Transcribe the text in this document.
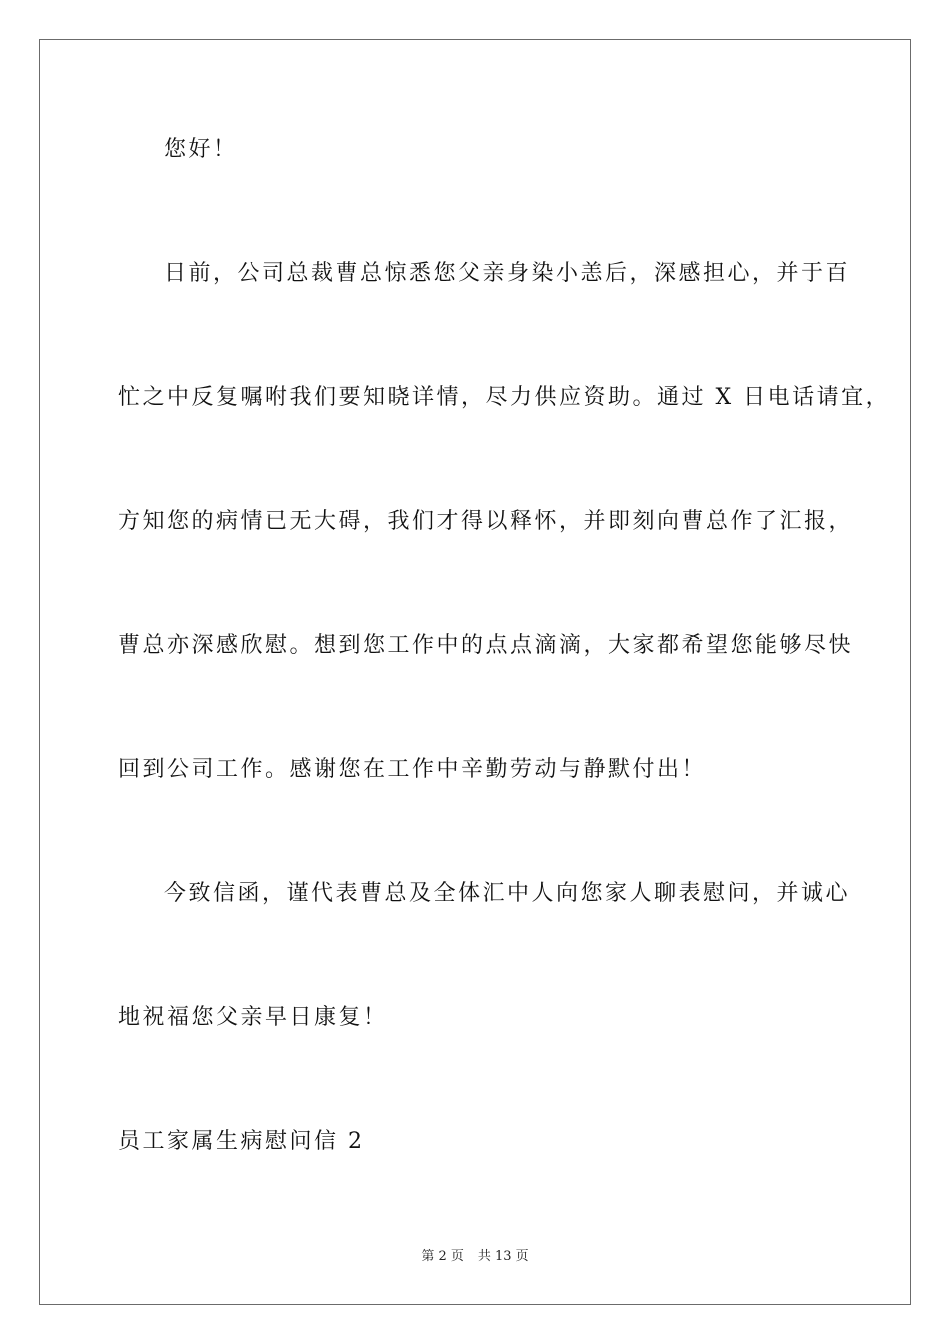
您好！
日前，公司总裁曹总惊悉您父亲身染小恙后，深感担心，并于百
忙之中反复嘱咐我们要知晓详情，尽力供应资助。通过 X 日电话请宜，
方知您的病情已无大碍，我们才得以释怀，并即刻向曹总作了汇报，
曹总亦深感欣慰。想到您工作中的点点滴滴，大家都希望您能够尽快
回到公司工作。感谢您在工作中辛勤劳动与静默付出！
今致信函，谨代表曹总及全体汇中人向您家人聊表慰问，并诚心
地祝福您父亲早日康复！
员工家属生病慰问信 2
第 2 页 共 13 页
